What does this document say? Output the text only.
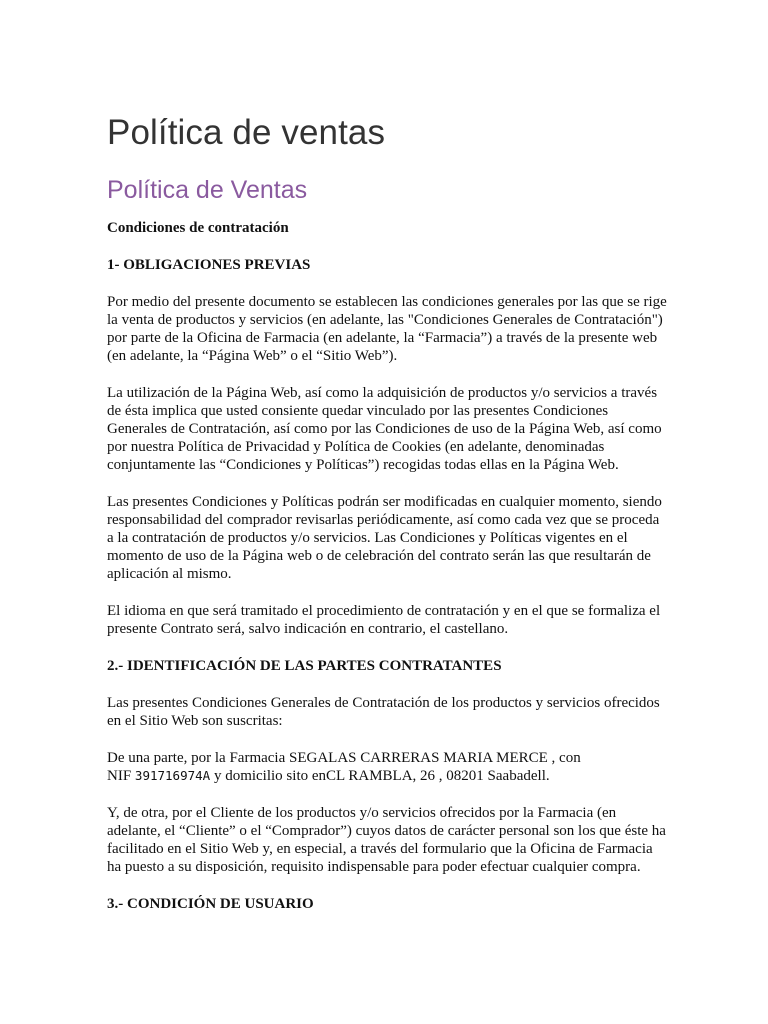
Política de ventas
Política de Ventas

Condiciones de contratación

1- OBLIGACIONES PREVIAS

Por medio del presente documento se establecen las condiciones generales por las que se rige la venta de productos y servicios (en adelante, las "Condiciones Generales de Contratación") por parte de la Oficina de Farmacia (en adelante, la “Farmacia”) a través de la presente web (en adelante, la “Página Web” o el “Sitio Web”).

La utilización de la Página Web, así como la adquisición de productos y/o servicios a través de ésta implica que usted consiente quedar vinculado por las presentes Condiciones Generales de Contratación, así como por las Condiciones de uso de la Página Web, así como por nuestra Política de Privacidad y Política de Cookies (en adelante, denominadas conjuntamente las “Condiciones y Políticas”) recogidas todas ellas en la Página Web.

Las presentes Condiciones y Políticas podrán ser modificadas en cualquier momento, siendo responsabilidad del comprador revisarlas periódicamente, así como cada vez que se proceda a la contratación de productos y/o servicios. Las Condiciones y Políticas vigentes en el momento de uso de la Página web o de celebración del contrato serán las que resultarán de aplicación al mismo.

El idioma en que será tramitado el procedimiento de contratación y en el que se formaliza el presente Contrato será, salvo indicación en contrario, el castellano.

2.- IDENTIFICACIÓN DE LAS PARTES CONTRATANTES

Las presentes Condiciones Generales de Contratación de los productos y servicios ofrecidos en el Sitio Web son suscritas:

De una parte, por la Farmacia SEGALAS CARRERAS MARIA MERCE , con
NIF 391716974A y domicilio sito enCL RAMBLA, 26 , 08201 Saabadell.

Y, de otra, por el Cliente de los productos y/o servicios ofrecidos por la Farmacia (en adelante, el “Cliente” o el “Comprador”) cuyos datos de carácter personal son los que éste ha facilitado en el Sitio Web y, en especial, a través del formulario que la Oficina de Farmacia ha puesto a su disposición, requisito indispensable para poder efectuar cualquier compra.

3.- CONDICIÓN DE USUARIO
